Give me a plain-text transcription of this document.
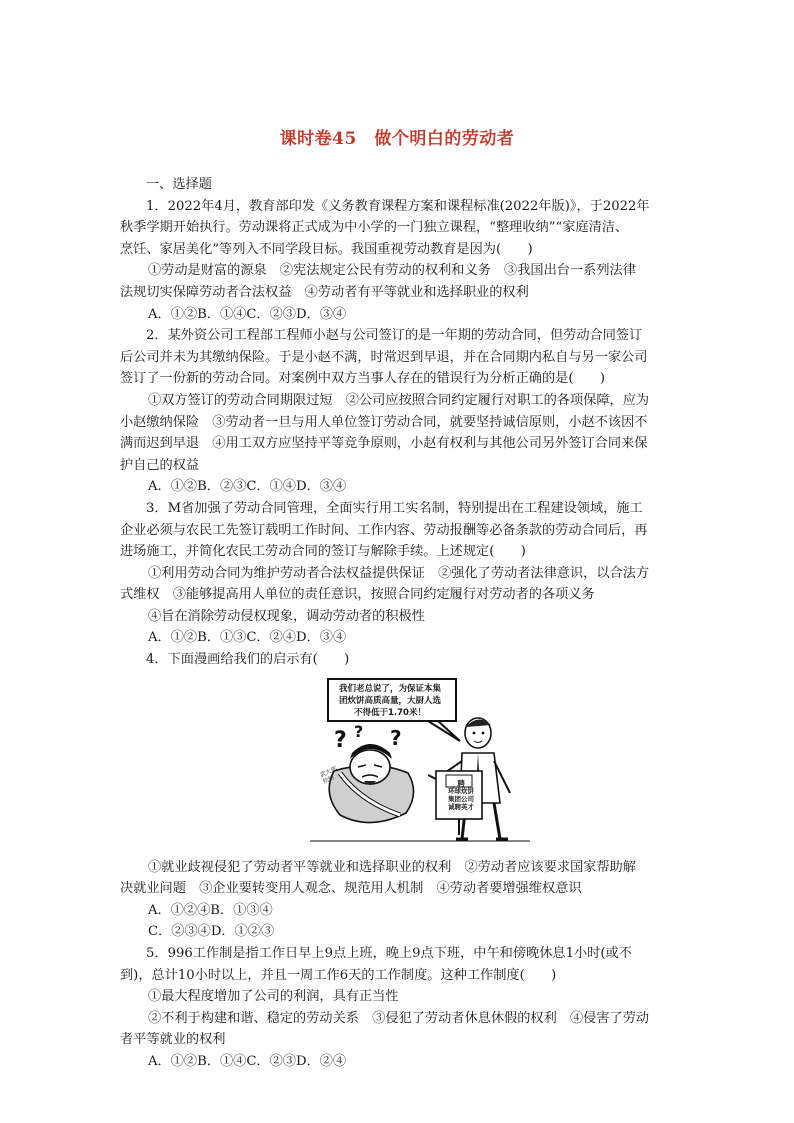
课时卷45　做个明白的劳动者
一、选择题
1．2022年4月，教育部印发《义务教育课程方案和课程标准(2022年版)》，于2022年
秋季学期开始执行。劳动课将正式成为中小学的一门独立课程，“整理收纳”“家庭清洁、
烹饪、家居美化”等列入不同学段目标。我国重视劳动教育是因为(　　)
①劳动是财富的源泉　②宪法规定公民有劳动的权利和义务　③我国出台一系列法律
法规切实保障劳动者合法权益　④劳动者有平等就业和选择职业的权利
A．①②B．①④C．②③D．③④
2．某外资公司工程部工程师小赵与公司签订的是一年期的劳动合同，但劳动合同签订
后公司并未为其缴纳保险。于是小赵不满，时常迟到早退，并在合同期内私自与另一家公司
签订了一份新的劳动合同。对案例中双方当事人存在的错误行为分析正确的是(　　)
①双方签订的劳动合同期限过短　②公司应按照合同约定履行对职工的各项保障，应为
小赵缴纳保险　③劳动者一旦与用人单位签订劳动合同，就要坚持诚信原则，小赵不该因不
满而迟到早退　④用工双方应坚持平等竞争原则，小赵有权利与其他公司另外签订合同来保
护自己的权益
A．①②B．②③C．①④D．③④
3．M省加强了劳动合同管理，全面实行用工实名制，特别提出在工程建设领域，施工
企业必须与农民工先签订载明工作时间、工作内容、劳动报酬等必备条款的劳动合同后，再
进场施工，并简化农民工劳动合同的签订与解除手续。上述规定(　　)
①利用劳动合同为维护劳动者合法权益提供保证　②强化了劳动者法律意识，以合法方
式维权　③能够提高用人单位的责任意识，按照合同约定履行对劳动者的各项义务
④旨在消除劳动侵权现象，调动劳动者的积极性
A．①②B．①③C．②④D．③④
4．下面漫画给我们的启示有(　　)
? ? ?
我们老总说了，为保证本集
团炊饼高质高量，大厨人选
不得低于1.70米！
聘
环球炊饼
集团公司
诚聘英才
武大郎炊饼
①就业歧视侵犯了劳动者平等就业和选择职业的权利　②劳动者应该要求国家帮助解
决就业问题　③企业要转变用人观念、规范用人机制　④劳动者要增强维权意识
A．①②④B．①③④
C．②③④D．①②③
5．996工作制是指工作日早上9点上班，晚上9点下班，中午和傍晚休息1小时(或不
到)，总计10小时以上，并且一周工作6天的工作制度。这种工作制度(　　)
①最大程度增加了公司的利润，具有正当性
②不利于构建和谐、稳定的劳动关系　③侵犯了劳动者休息休假的权利　④侵害了劳动
者平等就业的权利
A．①②B．①④C．②③D．②④
